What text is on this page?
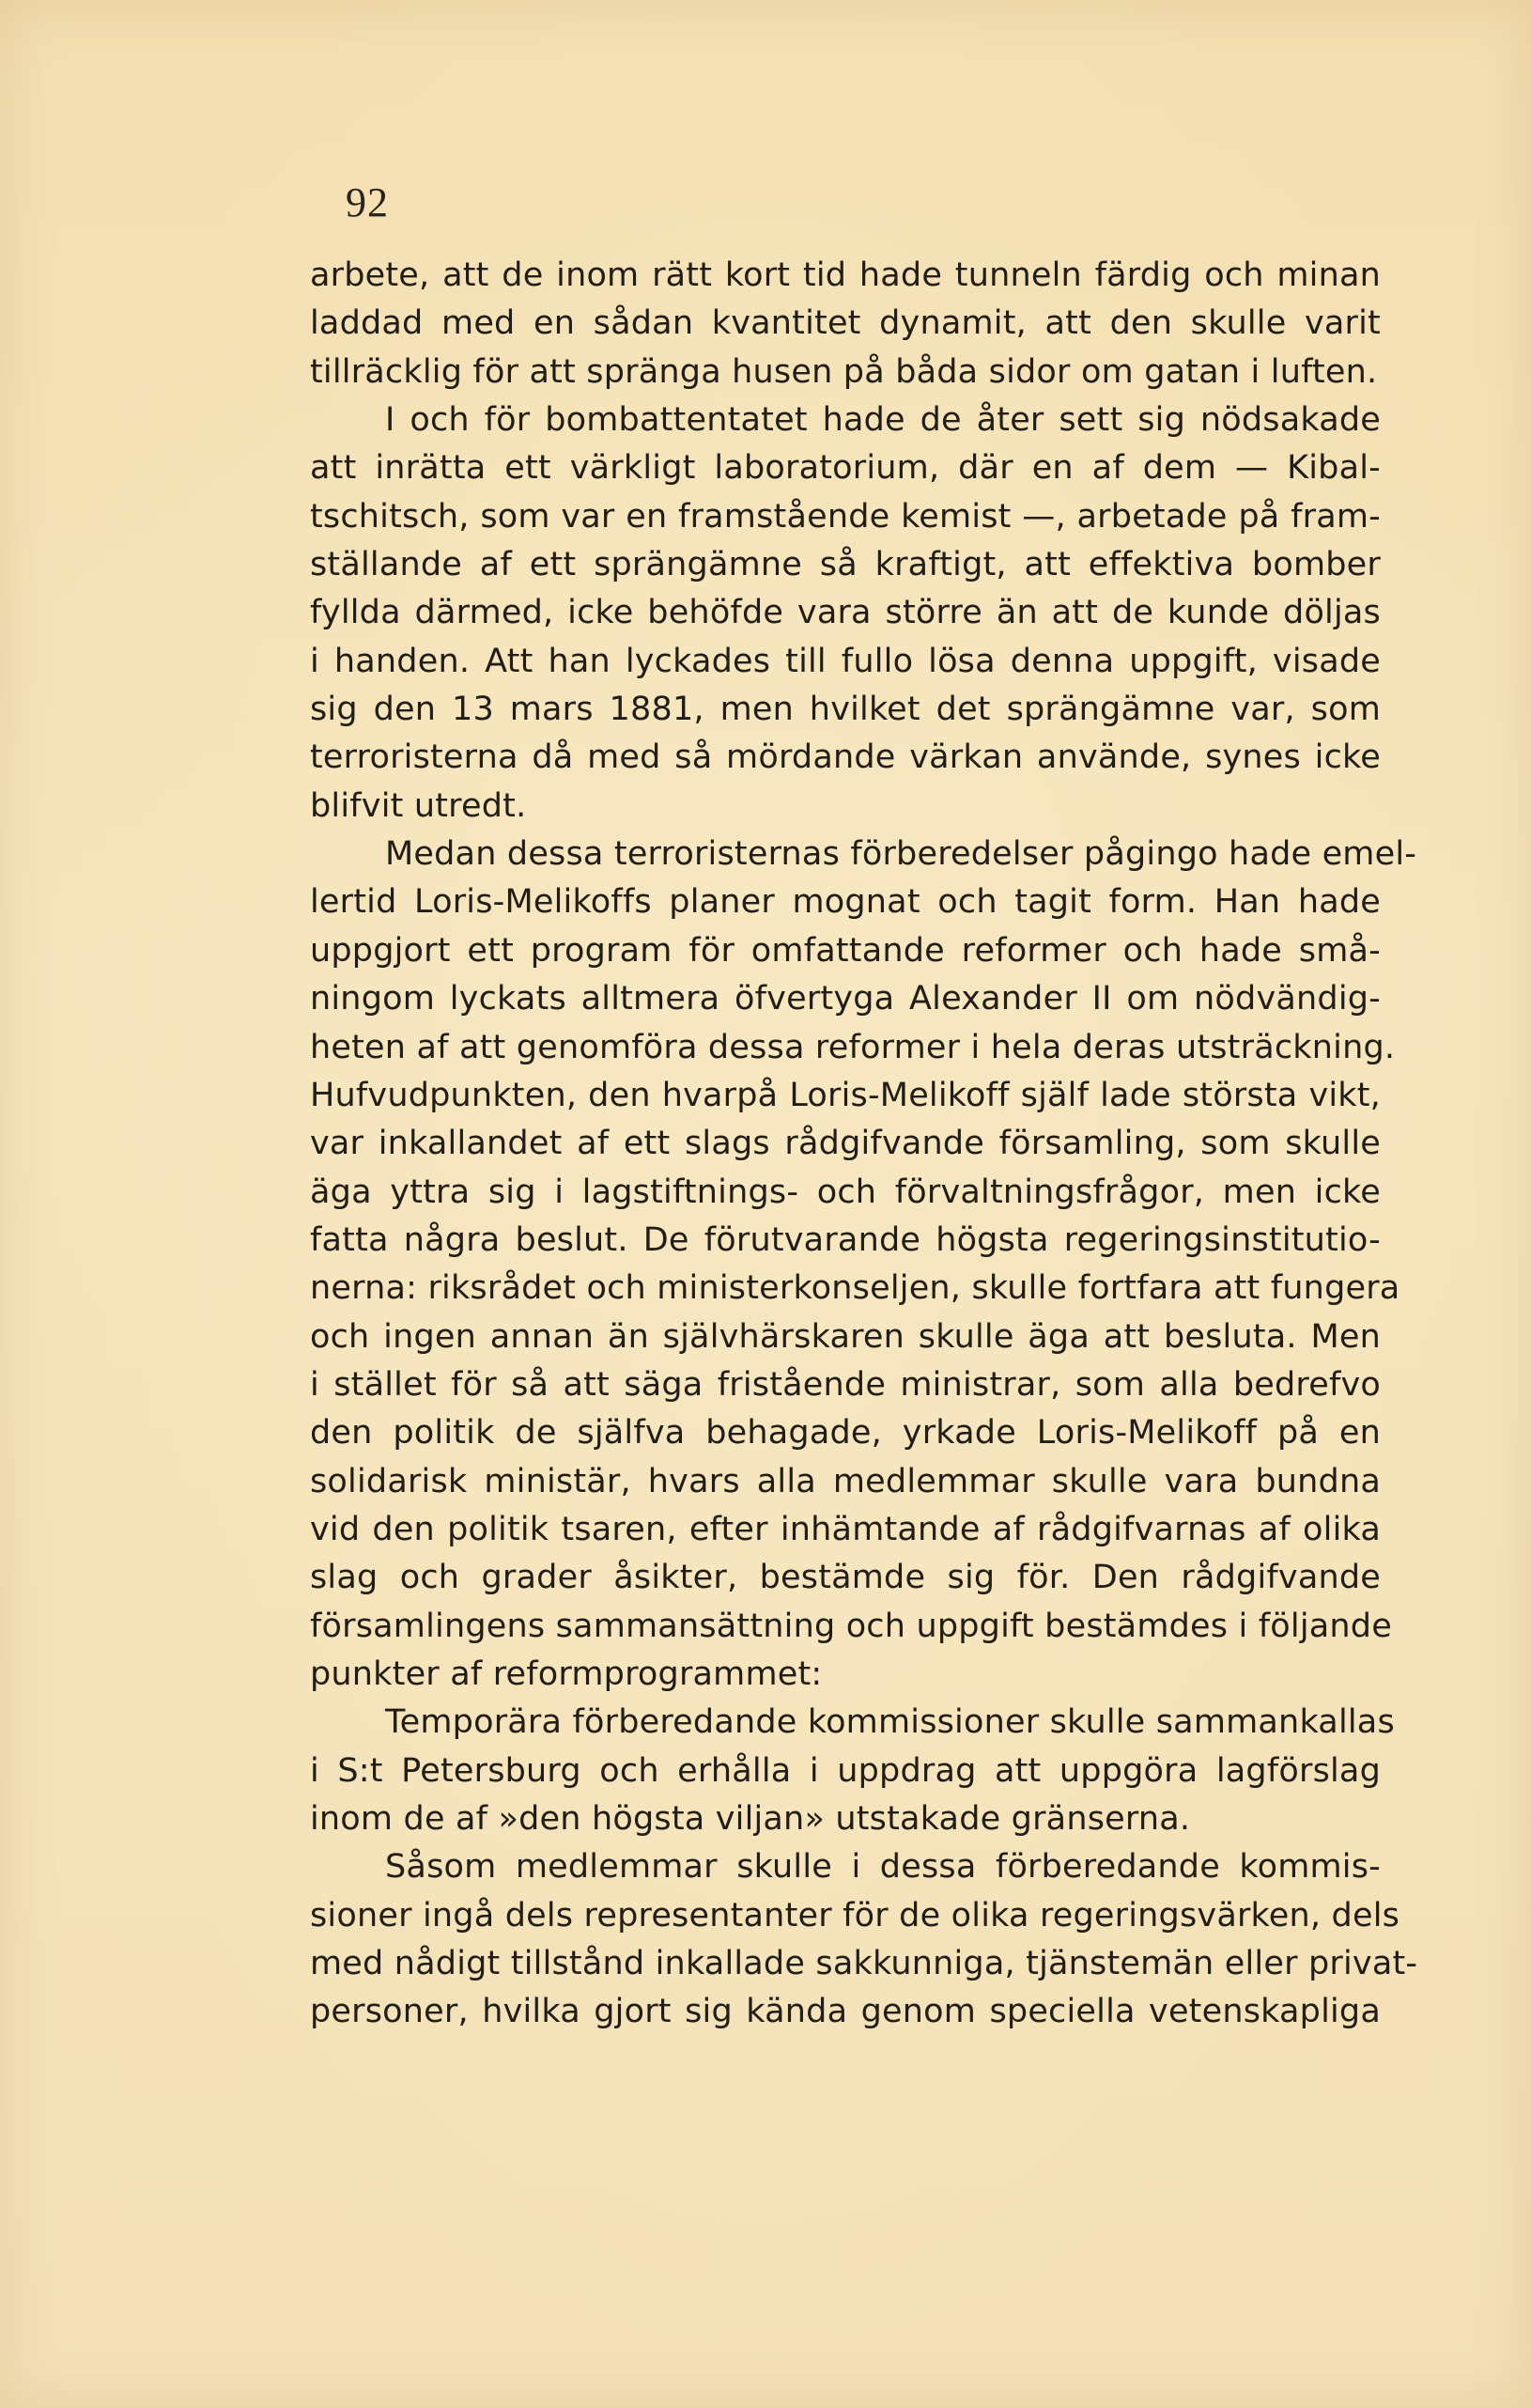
92
arbete, att de inom rätt kort tid hade tunneln färdig och minan
laddad med en sådan kvantitet dynamit, att den skulle varit
tillräcklig för att spränga husen på båda sidor om gatan i luften.
I och för bombattentatet hade de åter sett sig nödsakade
att inrätta ett värkligt laboratorium, där en af dem — Kibal-
tschitsch, som var en framstående kemist —, arbetade på fram-
ställande af ett sprängämne så kraftigt, att effektiva bomber
fyllda därmed, icke behöfde vara större än att de kunde döljas
i handen. Att han lyckades till fullo lösa denna uppgift, visade
sig den 13 mars 1881, men hvilket det sprängämne var, som
terroristerna då med så mördande värkan använde, synes icke
blifvit utredt.
Medan dessa terroristernas förberedelser pågingo hade emel-
lertid Loris-Melikoffs planer mognat och tagit form. Han hade
uppgjort ett program för omfattande reformer och hade små-
ningom lyckats alltmera öfvertyga Alexander II om nödvändig-
heten af att genomföra dessa reformer i hela deras utsträckning.
Hufvudpunkten, den hvarpå Loris-Melikoff själf lade största vikt,
var inkallandet af ett slags rådgifvande församling, som skulle
äga yttra sig i lagstiftnings- och förvaltningsfrågor, men icke
fatta några beslut. De förutvarande högsta regeringsinstitutio-
nerna: riksrådet och ministerkonseljen, skulle fortfara att fungera
och ingen annan än självhärskaren skulle äga att besluta. Men
i stället för så att säga fristående ministrar, som alla bedrefvo
den politik de själfva behagade, yrkade Loris-Melikoff på en
solidarisk ministär, hvars alla medlemmar skulle vara bundna
vid den politik tsaren, efter inhämtande af rådgifvarnas af olika
slag och grader åsikter, bestämde sig för. Den rådgifvande
församlingens sammansättning och uppgift bestämdes i följande
punkter af reformprogrammet:
Temporära förberedande kommissioner skulle sammankallas
i S:t Petersburg och erhålla i uppdrag att uppgöra lagförslag
inom de af »den högsta viljan» utstakade gränserna.
Såsom medlemmar skulle i dessa förberedande kommis-
sioner ingå dels representanter för de olika regeringsvärken, dels
med nådigt tillstånd inkallade sakkunniga, tjänstemän eller privat-
personer, hvilka gjort sig kända genom speciella vetenskapliga
